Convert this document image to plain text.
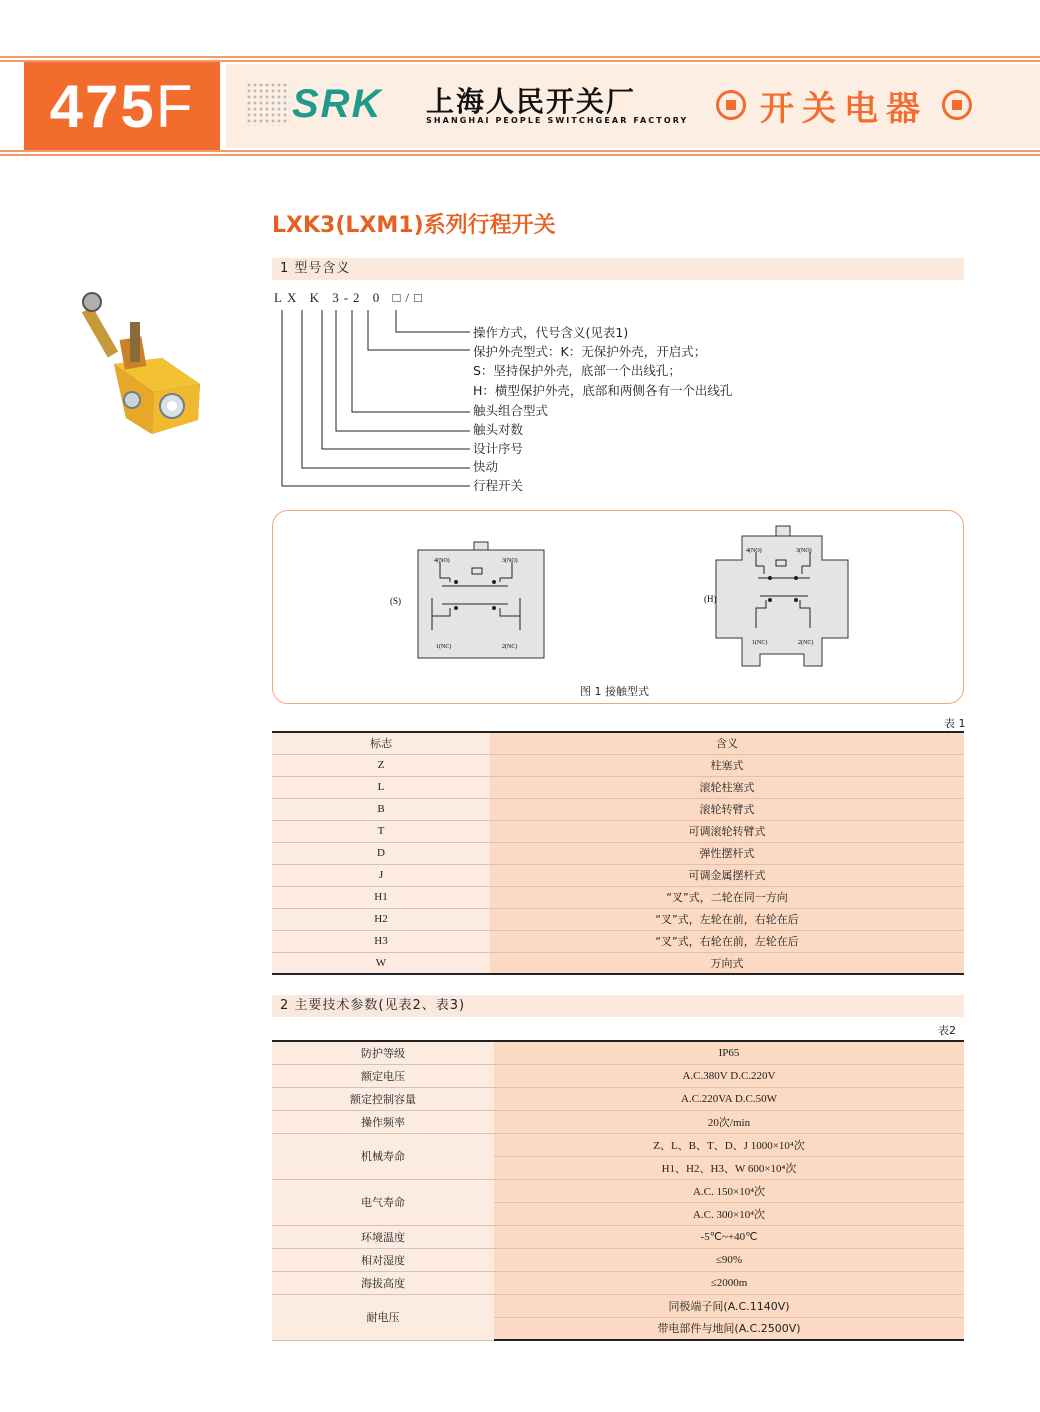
475 F SRK 上海人民开关厂
SHANGHAI PEOPLE SWITCHGEAR FACTORY 开关电器
LXK3(LXM1)系列行程开关
1 型号含义
LX K 3-2 0 □/□
操作方式，代号含义(见表1)
保护外壳型式：K：无保护外壳，开启式；
S：坚持保护外壳，底部一个出线孔；
H：横型保护外壳，底部和两侧各有一个出线孔
触头组合型式
触头对数
设计序号
快动
行程开关
(S)
4(NO)	3(NO)
1(NC)	2(NC)
(H)
4(NO)	3(NO)
1(NC)	2(NC)
图 1 接触型式
表 1
标志	含义
Z	柱塞式
L	滚轮柱塞式
B	滚轮转臂式
T	可调滚轮转臂式
D	弹性摆杆式
J	可调金属摆杆式
H1	“叉”式，二轮在同一方向
H2	“叉”式，左轮在前，右轮在后
H3	“叉”式，右轮在前，左轮在后
W	万向式
2 主要技术参数(见表2、表3)
表2
防护等级	IP65
额定电压	A.C.380V D.C.220V
额定控制容量	A.C.220VA D.C.50W
操作频率	20次/min
机械寿命	Z、L、B、T、D、J 1000×10⁴次
	H1、H2、H3、W 600×10⁴次
电气寿命	A.C. 150×10⁴次
	A.C. 300×10⁴次
环境温度	-5℃~+40℃
相对湿度	≤90%
海拔高度	≤2000m
耐电压	同极端子间(A.C.1140V)
	带电部件与地间(A.C.2500V)
